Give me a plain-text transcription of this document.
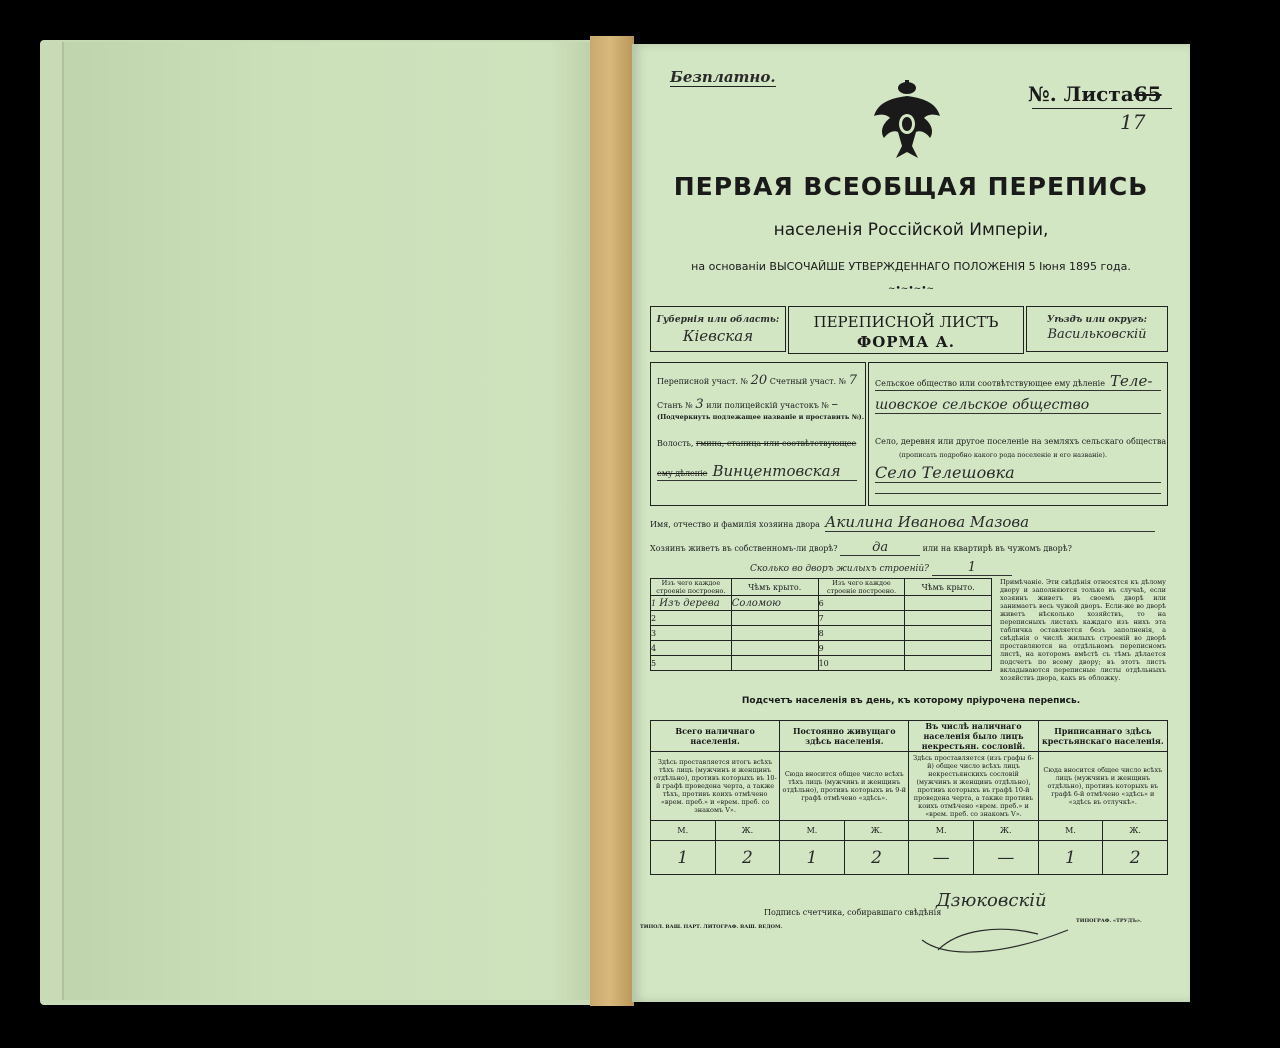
Безплатно.
№. Листа65
17
ПЕРВАЯ ВСЕОБЩАЯ ПЕРЕПИСЬ
населенія Россійской Имперіи,
на основаніи ВЫСОЧАЙШЕ УТВЕРЖДЕННАГО ПОЛОЖЕНІЯ 5 Іюня 1895 года.
~•~•~•~
Губернія или область:
Кіевская
ПЕРЕПИСНОЙ ЛИСТЪ
ФОРМА А.
Уѣздъ или округъ:
Васильковскій
Переписной участ. № 20 Счетный участ. № 7
Станъ № 3 или полицейскій участокъ № –
(Подчеркнуть подлежащее названіе и проставить №).
Волость, гмина, станица или соотвѣтствующее
ему дѣленіе Винцентовская
Сельское общество или соотвѣтствующее ему дѣленіе Теле-
шовское сельское общество
Село, деревня или другое поселеніе на земляхъ сельскаго общества
(прописать подробно какого рода поселеніе и его названіе).
Село Телешовка
Имя, отчество и фамилія хозяина двора Акилина Иванова Мазова
Хозяинъ живетъ въ собственномъ-ли дворѣ?	да	или на квартирѣ въ чужомъ дворѣ?
Сколько во дворъ жилыхъ строеній?	1
Изъ чего каждое строеніе построено.	Чѣмъ крыто.	Изъ чего каждое строеніе построено.	Чѣмъ крыто.
1 Изъ дерева	Соломою	6	
2		7	
3		8	
4		9	
5		10	
Примѣчаніе. Эти свѣдѣнія относятся къ дѣлому двору и заполняются только въ случаѣ, если хозяинъ живетъ въ своемъ дворѣ или занимаетъ весь чужой дворъ. Если-же во дворѣ живетъ нѣсколько хозяйствъ, то на переписныхъ листахъ каждаго изъ нихъ эта табличка оставляется безъ заполненія, а свѣдѣнія о числѣ жилыхъ строеній во дворѣ проставляются на отдѣльномъ переписномъ листѣ, на которомъ вмѣстѣ съ тѣмъ дѣлается подсчетъ по всему двору; въ этотъ листъ вкладываются переписные листы отдѣльныхъ хозяйствъ двора, какъ въ обложку.
Подсчетъ населенія въ день, къ которому пріурочена перепись.
Всего наличнаго населенія.		Постоянно живущаго здѣсь населенія.		Въ числѣ наличнаго населенія было лицъ некрестьян. сословій.		Приписаннаго здѣсь крестьянскаго населенія.	
Здѣсь проставляется итогъ всѣхъ тѣхъ лицъ (мужчинъ и женщинъ отдѣльно), противъ которыхъ въ 10-й графѣ проведена черта, а также тѣхъ, противъ коихъ отмѣчено «врем. преб.» и «врем. преб. со знакомъ V».		Сюда вносится общее число всѣхъ тѣхъ лицъ (мужчинъ и женщинъ отдѣльно), противъ которыхъ въ 9-й графѣ отмѣчено «здѣсь».		Здѣсь проставляется (изъ графы 6-й) общее число всѣхъ лицъ некрестьянскихъ сословій (мужчинъ и женщинъ отдѣльно), противъ которыхъ въ графѣ 10-й проведена черта, а также противъ коихъ отмѣчено «врем. преб.» и «врем. преб. со знакомъ V».		Сюда вносится общее число всѣхъ лицъ (мужчинъ и женщинъ отдѣльно), противъ которыхъ въ графѣ 6-й отмѣчено «здѣсь» и «здѣсь въ отлучкѣ».	
М.	Ж.	М.	Ж.	М.	Ж.	М.	Ж.
1	2	1	2	—	—	1	2
Подпись счетчика, собиравшаго свѣдѣнія
Дзюковскій
ТИПОЛ. ВАШ. ПАРТ. ЛИТОГРАФ. ВАШ. ВЕДОМ.
ТИПОГРАФ. «ТРУДЪ».
